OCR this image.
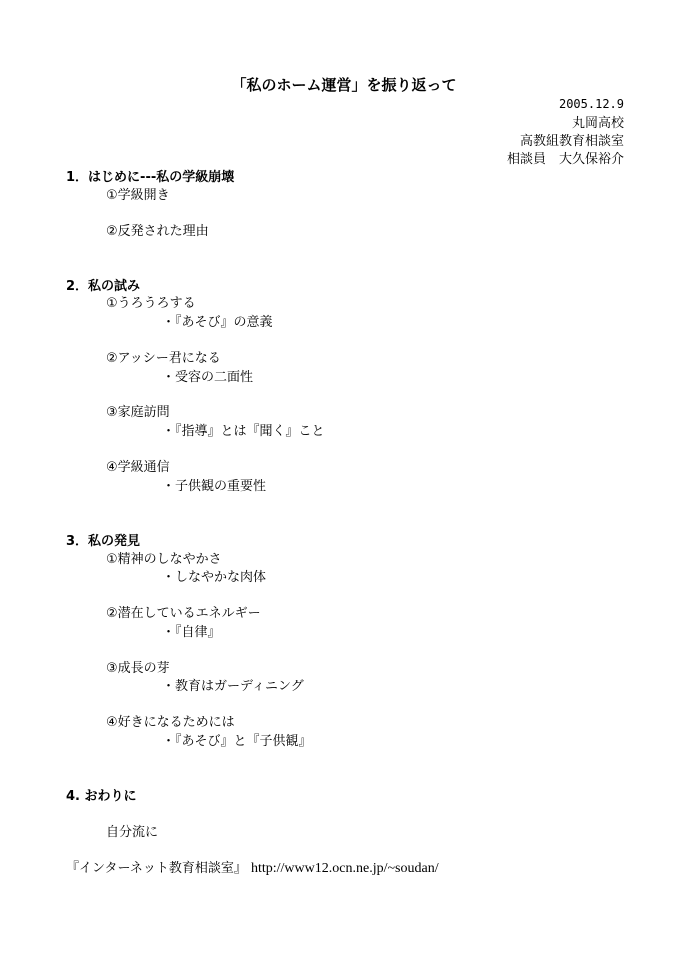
「私のホーム運営」を振り返って
2005.12.9
丸岡高校
高教組教育相談室
相談員　大久保裕介
1．はじめに---私の学級崩壊
①学級開き
②反発された理由
2．私の試み
①うろうろする
・『あそび』の意義
②アッシー君になる
・受容の二面性
③家庭訪問
・『指導』とは『聞く』こと
④学級通信
・子供観の重要性
3．私の発見
①精神のしなやかさ
・しなやかな肉体
②潜在しているエネルギー
・『自律』
③成長の芽
・教育はガーディニング
④好きになるためには
・『あそび』と『子供観』
4. おわりに
自分流に
『インターネット教育相談室』 http://www12.ocn.ne.jp/~soudan/
